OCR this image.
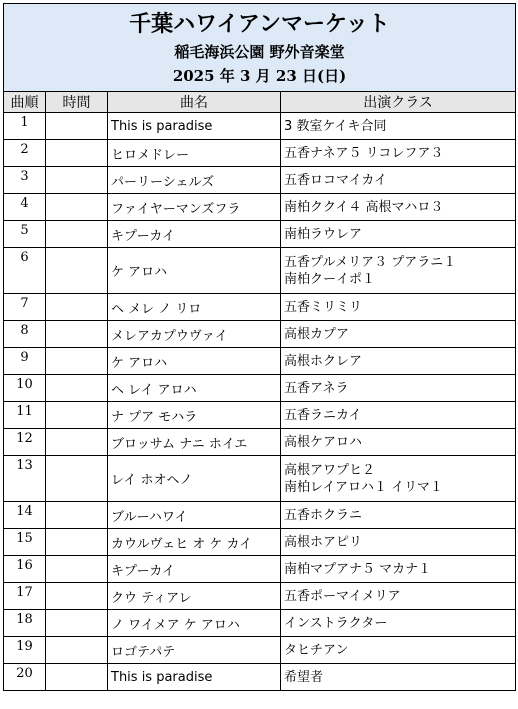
千葉ハワイアンマーケット
稲毛海浜公園 野外音楽堂
2025 年 3 月 23 日(日)			

曲順	時間	曲名	出演クラス
1		This is paradise	3 教室ケイキ合同

2		ヒロメドレー	五香ナネア５ リコレフア３

3		パーリーシェルズ	五香ロコマイカイ

4		ファイヤーマンズフラ	南柏ククイ４ 高根マハロ３

5		キプーカイ	南柏ラウレア

6		ケ アロハ	五香プルメリア３ プアラニ１
南柏クーイポ１

7		ヘ メレ ノ リロ	五香ミリミリ

8		メレアカプウヴァイ	高根カプア

9		ケ アロハ	高根ホクレア

10		ヘ レイ アロハ	五香アネラ

11		ナ プア モハラ	五香ラニカイ

12		ブロッサム ナニ ホイエ	高根ケアロハ

13		レイ ホオヘノ	高根アワプヒ２
南柏レイアロハ１ イリマ１

14		ブルーハワイ	五香ホクラニ

15		カウルヴェヒ オ ケ カイ	高根ホアピリ

16		キプーカイ	南柏マプアナ５ マカナ１

17		クウ ティアレ	五香ポーマイメリア

18		ノ ワイメア ケ アロハ	インストラクター

19		ロゴテパテ	タヒチアン

20		This is paradise	希望者
